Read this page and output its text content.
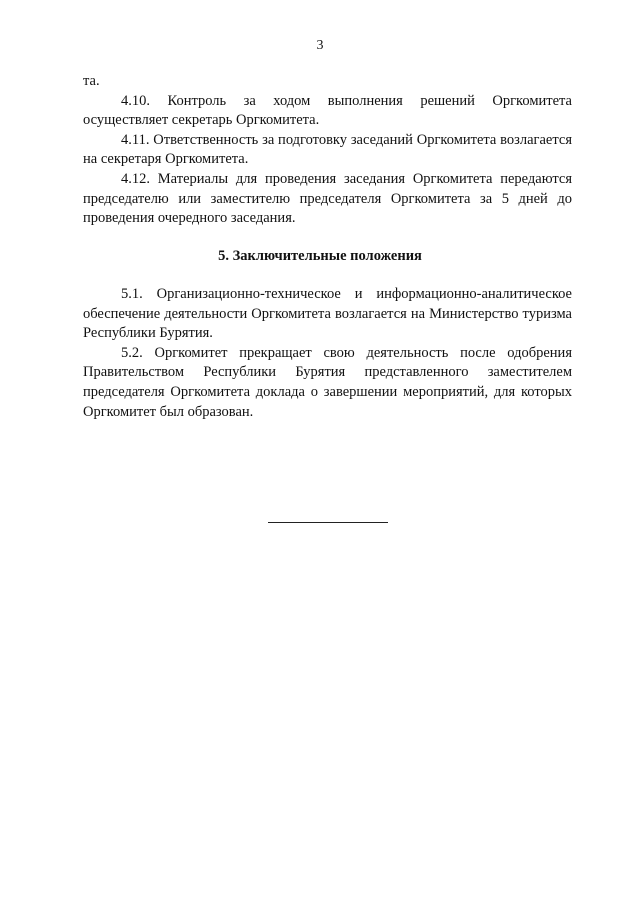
3

та.

4.10. Контроль за ходом выполнения решений Оргкомитета осуществляет секретарь Оргкомитета.

4.11. Ответственность за подготовку заседаний Оргкомитета возлагается на секретаря Оргкомитета.

4.12. Материалы для проведения заседания Оргкомитета передаются председателю или заместителю председателя Оргкомитета за 5 дней до проведения очередного заседания.

5. Заключительные положения

5.1. Организационно-техническое и информационно-аналитическое обеспечение деятельности Оргкомитета возлагается на Министерство туризма Республики Бурятия.

5.2. Оргкомитет прекращает свою деятельность после одобрения Правительством Республики Бурятия представленного заместителем председателя Оргкомитета доклада о завершении мероприятий, для которых Оргкомитет был образован.
